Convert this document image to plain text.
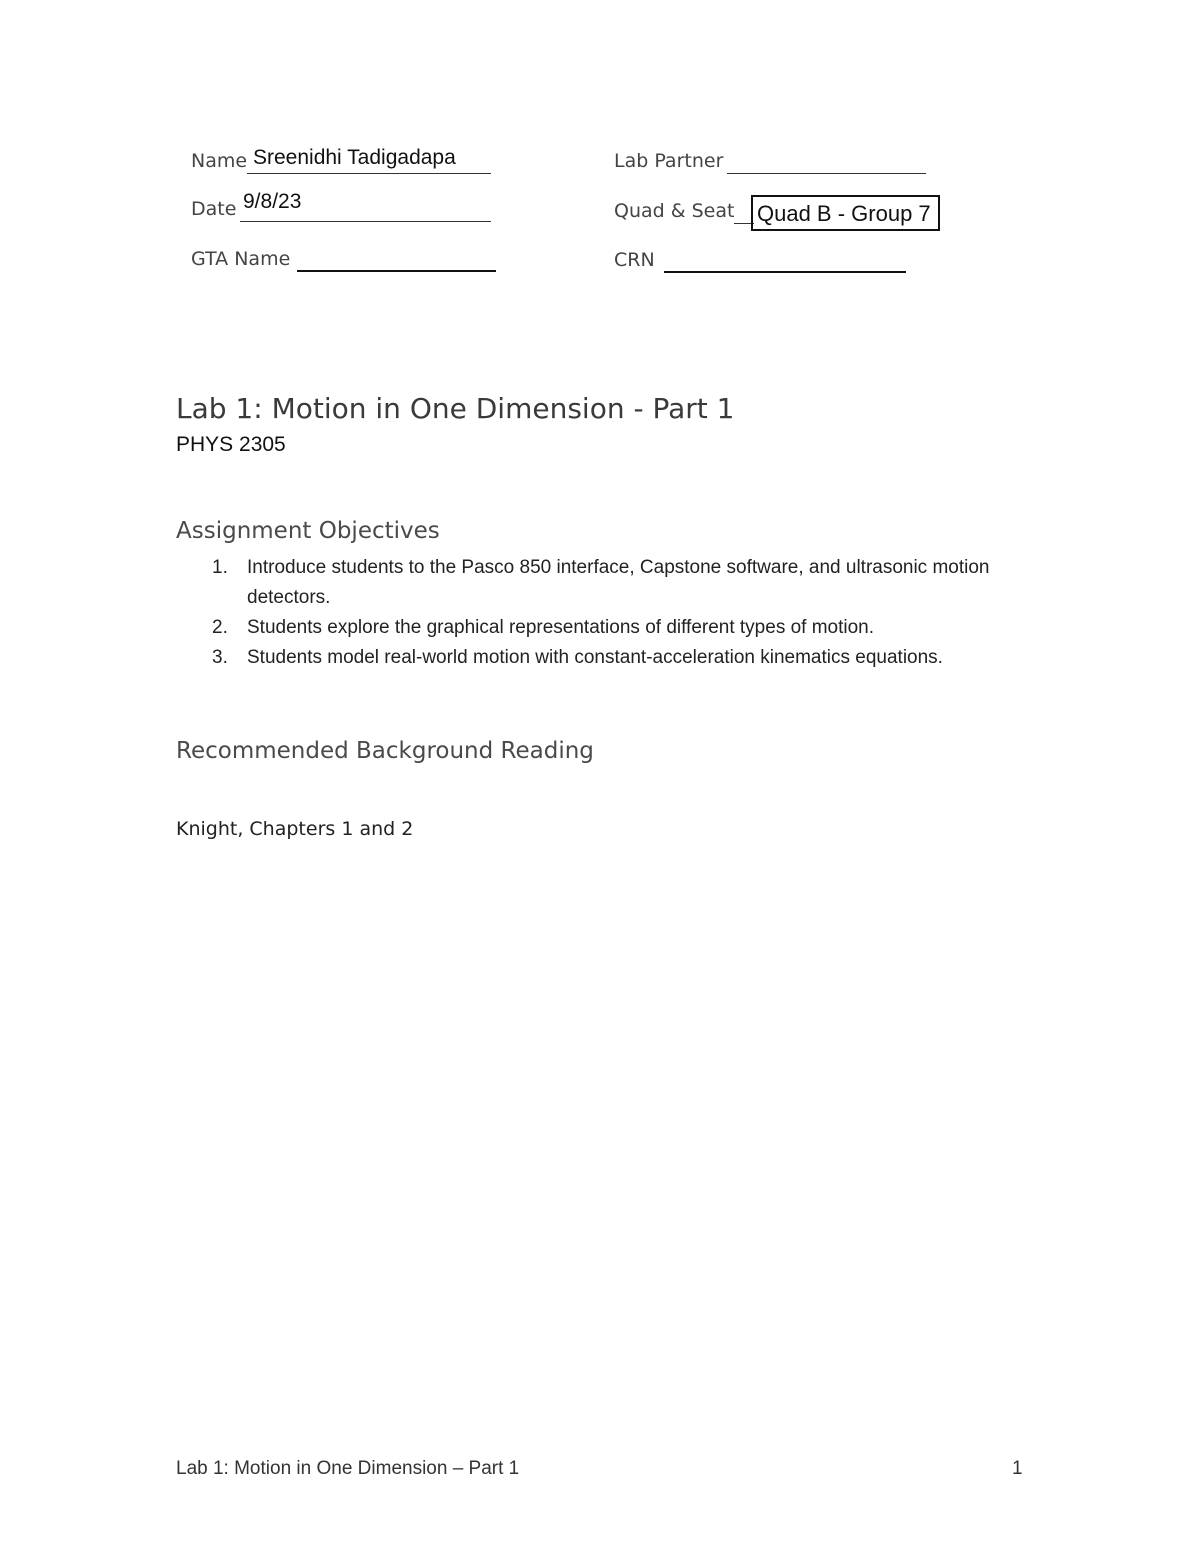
Name Sreenidhi Tadigadapa
Date 9/8/23
GTA Name
Lab Partner
Quad & Seat Quad B - Group 7
CRN
Lab 1: Motion in One Dimension - Part 1
PHYS 2305
Assignment Objectives
1. Introduce students to the Pasco 850 interface, Capstone software, and ultrasonic motion detectors.
2. Students explore the graphical representations of different types of motion.
3. Students model real-world motion with constant-acceleration kinematics equations.
Recommended Background Reading
Knight, Chapters 1 and 2
Lab 1: Motion in One Dimension – Part 1	1
